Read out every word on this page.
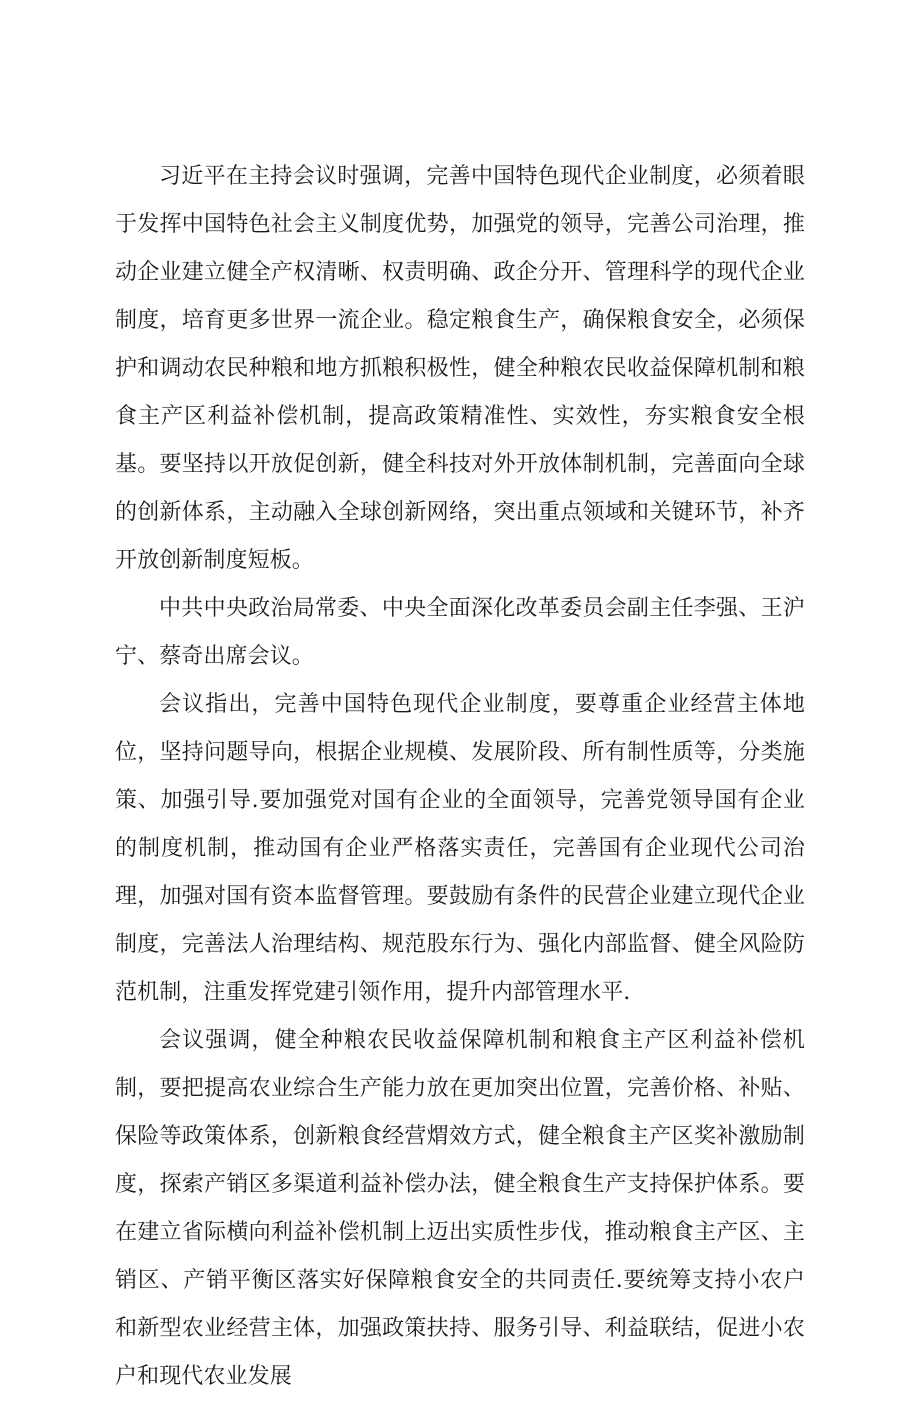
习近平在主持会议时强调，完善中国特色现代企业制度，必须着眼于发挥中国特色社会主义制度优势，加强党的领导，完善公司治理，推动企业建立健全产权清晰、权责明确、政企分开、管理科学的现代企业制度，培育更多世界一流企业。稳定粮食生产，确保粮食安全，必须保护和调动农民种粮和地方抓粮积极性，健全种粮农民收益保障机制和粮食主产区利益补偿机制，提高政策精准性、实效性，夯实粮食安全根基。要坚持以开放促创新，健全科技对外开放体制机制，完善面向全球的创新体系，主动融入全球创新网络，突出重点领域和关键环节，补齐开放创新制度短板。

中共中央政治局常委、中央全面深化改革委员会副主任李强、王沪宁、蔡奇出席会议。

会议指出，完善中国特色现代企业制度，要尊重企业经营主体地位，坚持问题导向，根据企业规模、发展阶段、所有制性质等，分类施策、加强引导.要加强党对国有企业的全面领导，完善党领导国有企业的制度机制，推动国有企业严格落实责任，完善国有企业现代公司治理，加强对国有资本监督管理。要鼓励有条件的民营企业建立现代企业制度，完善法人治理结构、规范股东行为、强化内部监督、健全风险防范机制，注重发挥党建引领作用，提升内部管理水平.

会议强调，健全种粮农民收益保障机制和粮食主产区利益补偿机制，要把提高农业综合生产能力放在更加突出位置，完善价格、补贴、保险等政策体系，创新粮食经营煟效方式，健全粮食主产区奖补激励制度，探索产销区多渠道利益补偿办法，健全粮食生产支持保护体系。要在建立省际横向利益补偿机制上迈出实质性步伐，推动粮食主产区、主销区、产销平衡区落实好保障粮食安全的共同责任.要统筹支持小农户和新型农业经营主体，加强政策扶持、服务引导、利益联结，促进小农户和现代农业发展
